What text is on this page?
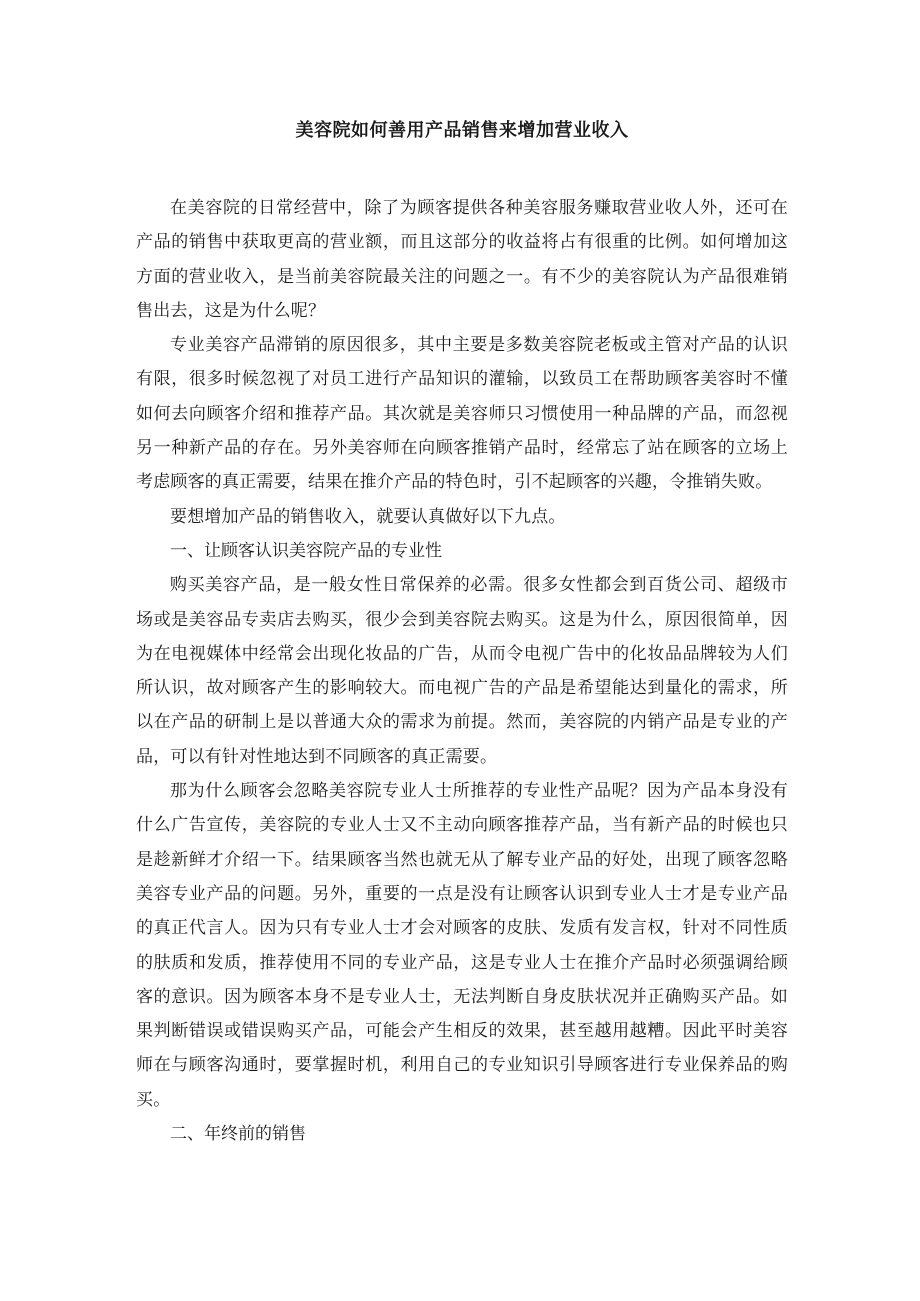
美容院如何善用产品销售来增加营业收入

在美容院的日常经营中，除了为顾客提供各种美容服务赚取营业收人外，还可在产品的销售中获取更高的营业额，而且这部分的收益将占有很重的比例。如何增加这方面的营业收入，是当前美容院最关注的问题之一。有不少的美容院认为产品很难销售出去，这是为什么呢？

专业美容产品滞销的原因很多，其中主要是多数美容院老板或主管对产品的认识有限，很多时候忽视了对员工进行产品知识的灌输，以致员工在帮助顾客美容时不懂如何去向顾客介绍和推荐产品。其次就是美容师只习惯使用一种品牌的产品，而忽视另一种新产品的存在。另外美容师在向顾客推销产品时，经常忘了站在顾客的立场上考虑顾客的真正需要，结果在推介产品的特色时，引不起顾客的兴趣，令推销失败。

要想增加产品的销售收入，就要认真做好以下九点。

一、让顾客认识美容院产品的专业性

购买美容产品，是一般女性日常保养的必需。很多女性都会到百货公司、超级市场或是美容品专卖店去购买，很少会到美容院去购买。这是为什么，原因很简单，因为在电视媒体中经常会出现化妆品的广告，从而令电视广告中的化妆品品牌较为人们所认识，故对顾客产生的影响较大。而电视广告的产品是希望能达到量化的需求，所以在产品的研制上是以普通大众的需求为前提。然而，美容院的内销产品是专业的产品，可以有针对性地达到不同顾客的真正需要。

那为什么顾客会忽略美容院专业人士所推荐的专业性产品呢？因为产品本身没有什么广告宣传，美容院的专业人士又不主动向顾客推荐产品，当有新产品的时候也只是趁新鲜才介绍一下。结果顾客当然也就无从了解专业产品的好处，出现了顾客忽略美容专业产品的问题。另外，重要的一点是没有让顾客认识到专业人士才是专业产品的真正代言人。因为只有专业人士才会对顾客的皮肤、发质有发言权，针对不同性质的肤质和发质，推荐使用不同的专业产品，这是专业人士在推介产品时必须强调给顾客的意识。因为顾客本身不是专业人士，无法判断自身皮肤状况并正确购买产品。如果判断错误或错误购买产品，可能会产生相反的效果，甚至越用越糟。因此平时美容师在与顾客沟通时，要掌握时机，利用自己的专业知识引导顾客进行专业保养品的购买。

二、年终前的销售
